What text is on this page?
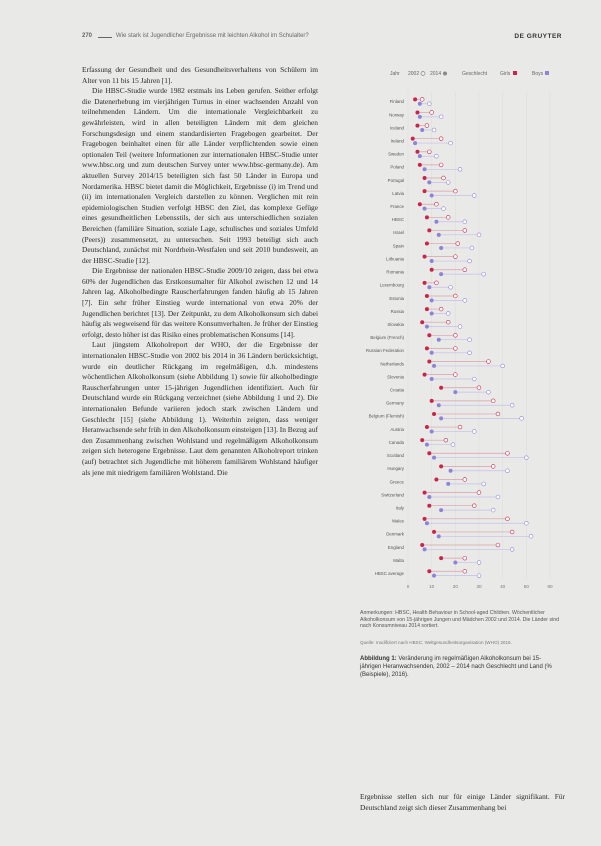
270	Wie stark ist Jugendlicher Ergebnisse mit leichten Alkohol im Schulalter?	DE GRUYTER

Erfassung der Gesundheit und des Gesundheitsverhaltens von Schülern im Alter von 11 bis 15 Jahren [1].

Die HBSC-Studie wurde 1982 erstmals ins Leben gerufen. Seither erfolgt die Datenerhebung im vierjährigen Turnus in einer wachsenden Anzahl von teilnehmenden Ländern. Um die internationale Vergleichbarkeit zu gewährleisten, wird in allen beteiligten Ländern mit dem gleichen Forschungsdesign und einem standardisierten Fragebogen gearbeitet. Der Fragebogen beinhaltet einen für alle Länder verpflichtenden sowie einen optionalen Teil (weitere Informationen zur internationalen HBSC-Studie unter www.hbsc.org und zum deutschen Survey unter www.hbsc-germany.de). Am aktuellen Survey 2014/15 beteiligten sich fast 50 Länder in Europa und Nordamerika. HBSC bietet damit die Möglichkeit, Ergebnisse (i) im Trend und (ii) im internationalen Vergleich darstellen zu können. Verglichen mit rein epidemiologischen Studien verfolgt HBSC den Ziel, das komplexe Gefüge eines gesundheitlichen Lebensstils, der sich aus unterschiedlichen sozialen Bereichen (familiäre Situation, soziale Lage, schulisches und soziales Umfeld (Peers)) zusammensetzt, zu untersuchen. Seit 1993 beteiligt sich auch Deutschland, zunächst mit Nordrhein-Westfalen und seit 2010 bundesweit, an der HBSC-Studie [12].

Die Ergebnisse der nationalen HBSC-Studie 2009/10 zeigen, dass bei etwa 60% der Jugendlichen das Erstkonsumalter für Alkohol zwischen 12 und 14 Jahren lag. Alkoholbedingte Rauscherfahrungen fanden häufig ab 15 Jahren [7]. Ein sehr früher Einstieg wurde international von etwa 20% der Jugendlichen berichtet [13]. Der Zeitpunkt, zu dem Alkoholkonsum sich dabei häufig als wegweisend für das weitere Konsumverhalten. Je früher der Einstieg erfolgt, desto höher ist das Risiko eines problematischen Konsums [14].

Laut jüngstem Alkoholreport der WHO, der die Ergebnisse der internationalen HBSC-Studie von 2002 bis 2014 in 36 Ländern berücksichtigt, wurde ein deutlicher Rückgang im regelmäßigen, d.h. mindestens wöchentlichen Alkoholkonsum (siehe Abbildung 1) sowie für alkoholbedingte Rauscherfahrungen unter 15-jährigen Jugendlichen identifiziert. Auch für Deutschland wurde ein Rückgang verzeichnet (siehe Abbildung 1 und 2). Die internationalen Befunde variieren jedoch stark zwischen Ländern und Geschlecht [15] (siehe Abbildung 1). Weiterhin zeigten, dass weniger Heranwachsende sehr früh in den Alkoholkonsum einsteigen [13]. In Bezug auf den Zusammenhang zwischen Wohlstand und regelmäßigem Alkoholkonsum zeigen sich heterogene Ergebnisse. Laut dem genannten Alkoholreport trinken (auf) betrachtet sich Jugendliche mit höherem familiärem Wohlstand häufiger als jene mit niedrigem familiären Wohlstand. Die

Jahr 2002 2014	Geschlecht	Girls	Boys
0	10	20	30	40	50	60
Finland
Norway
Iceland
Ireland
Sweden
Poland
Portugal
Latvia
France
HBSC
Israel
Spain
Lithuania
Romania
Luxembourg
Estonia
Russia
Slovakia
Belgium (French)
Russian Federation
Netherlands
Slovenia
Croatia
Germany
Belgium (Flemish)
Austria
Canada
Scotland
Hungary
Greece
Switzerland
Italy
Wales
Denmark
England
Malta
HBSC average
Anmerkungen: HBSC, Health Behaviour in School-aged Children. Wöchentlicher Alkoholkonsum von 15-jährigen Jungen und Mädchen 2002 und 2014. Die Länder sind nach Konsumniveau 2014 sortiert.
Quelle: modifiziert nach HBSC; Weltgesundheitsorganisation (WHO) 2016.
Abbildung 1: Veränderung im regelmäßigen Alkoholkonsum bei 15-jährigen Heranwachsenden, 2002 – 2014 nach Geschlecht und Land (% (Beispiele), 2016).
Ergebnisse stellen sich nur für einige Länder signifikant. Für Deutschland zeigt sich dieser Zusammenhang bei
